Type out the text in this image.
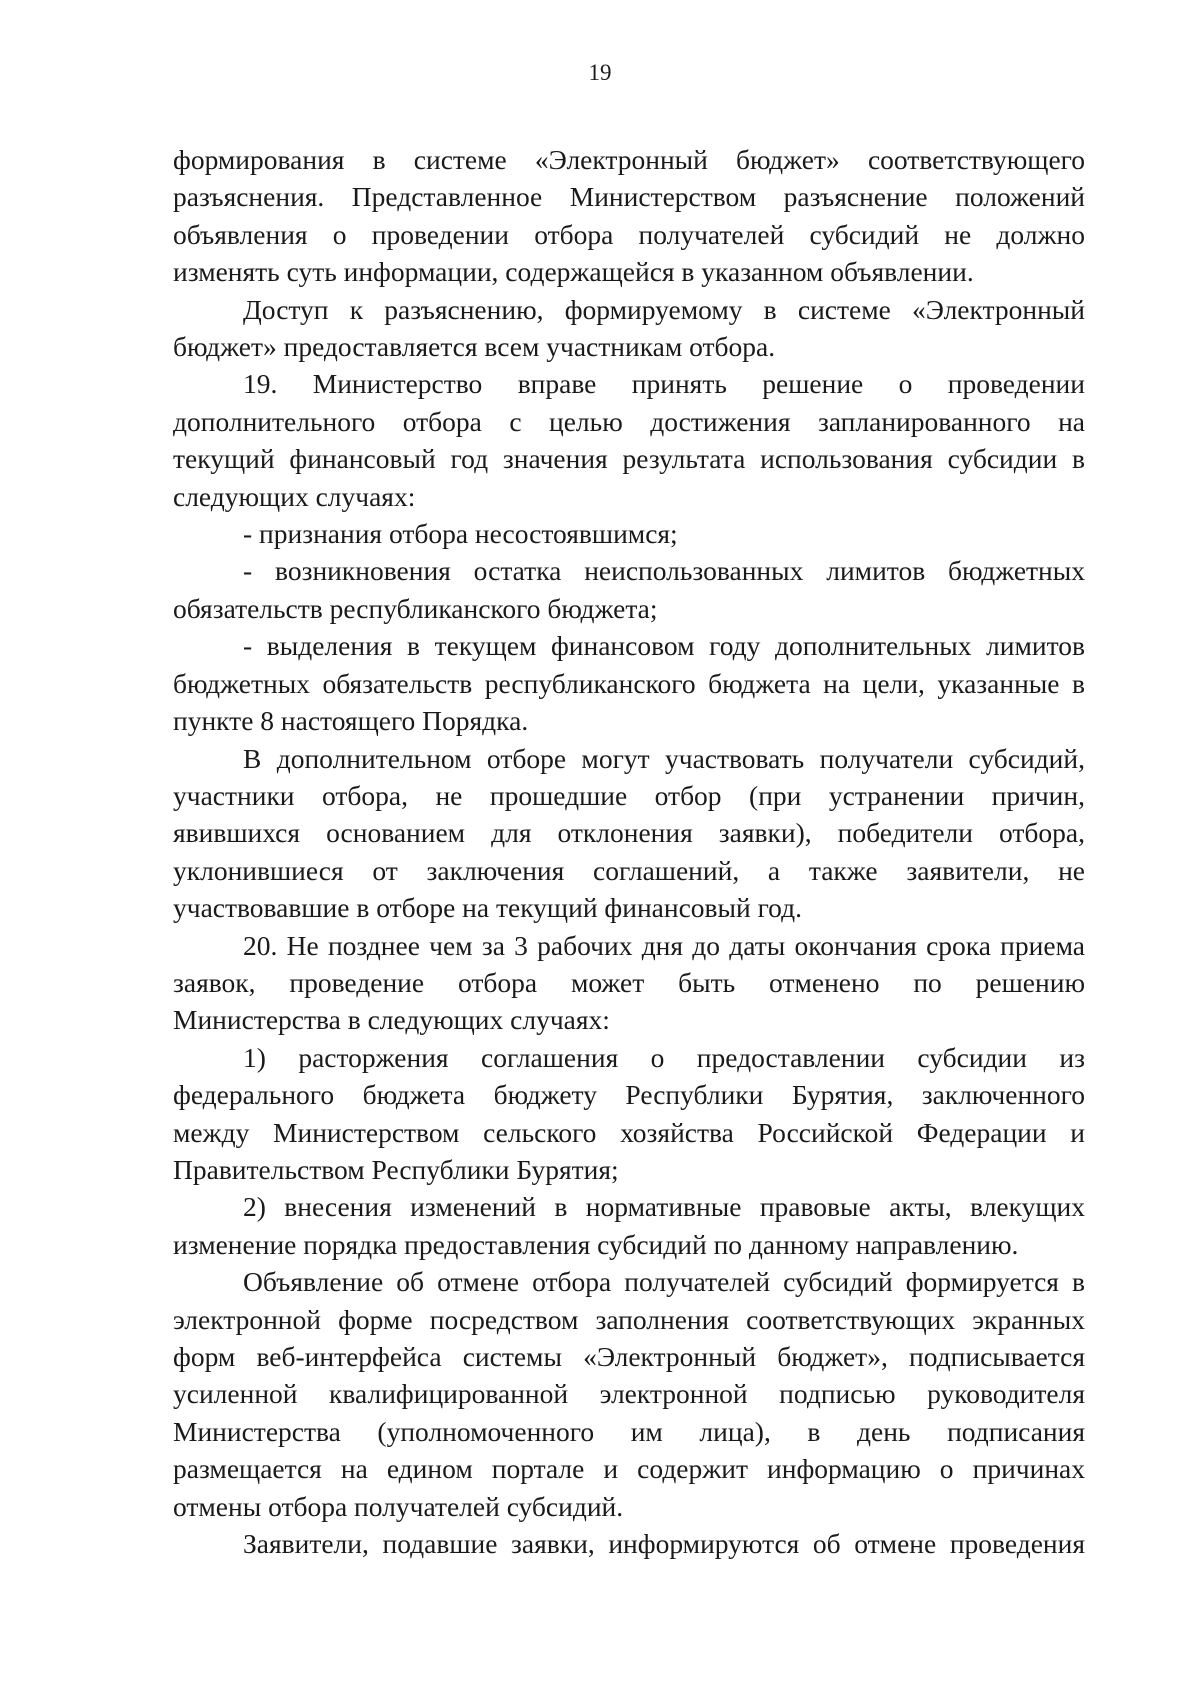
19

формирования в системе «Электронный бюджет» соответствующего
разъяснения. Представленное Министерством разъяснение положений
объявления о проведении отбора получателей субсидий не должно
изменять суть информации, содержащейся в указанном объявлении.

Доступ к разъяснению, формируемому в системе «Электронный
бюджет» предоставляется всем участникам отбора.

19. Министерство вправе принять решение о проведении
дополнительного отбора с целью достижения запланированного на
текущий финансовый год значения результата использования субсидии в
следующих случаях:

- признания отбора несостоявшимся;

- возникновения остатка неиспользованных лимитов бюджетных
обязательств республиканского бюджета;

- выделения в текущем финансовом году дополнительных лимитов
бюджетных обязательств республиканского бюджета на цели, указанные в
пункте 8 настоящего Порядка.

В дополнительном отборе могут участвовать получатели субсидий,
участники отбора, не прошедшие отбор (при устранении причин,
явившихся основанием для отклонения заявки), победители отбора,
уклонившиеся от заключения соглашений, а также заявители, не
участвовавшие в отборе на текущий финансовый год.

20. Не позднее чем за 3 рабочих дня до даты окончания срока приема
заявок, проведение отбора может быть отменено по решению
Министерства в следующих случаях:

1) расторжения соглашения о предоставлении субсидии из
федерального бюджета бюджету Республики Бурятия, заключенного
между Министерством сельского хозяйства Российской Федерации и
Правительством Республики Бурятия;

2) внесения изменений в нормативные правовые акты, влекущих
изменение порядка предоставления субсидий по данному направлению.

Объявление об отмене отбора получателей субсидий формируется в
электронной форме посредством заполнения соответствующих экранных
форм веб-интерфейса системы «Электронный бюджет», подписывается
усиленной квалифицированной электронной подписью руководителя
Министерства (уполномоченного им лица), в день подписания
размещается на едином портале и содержит информацию о причинах
отмены отбора получателей субсидий.

Заявители, подавшие заявки, информируются об отмене проведения
